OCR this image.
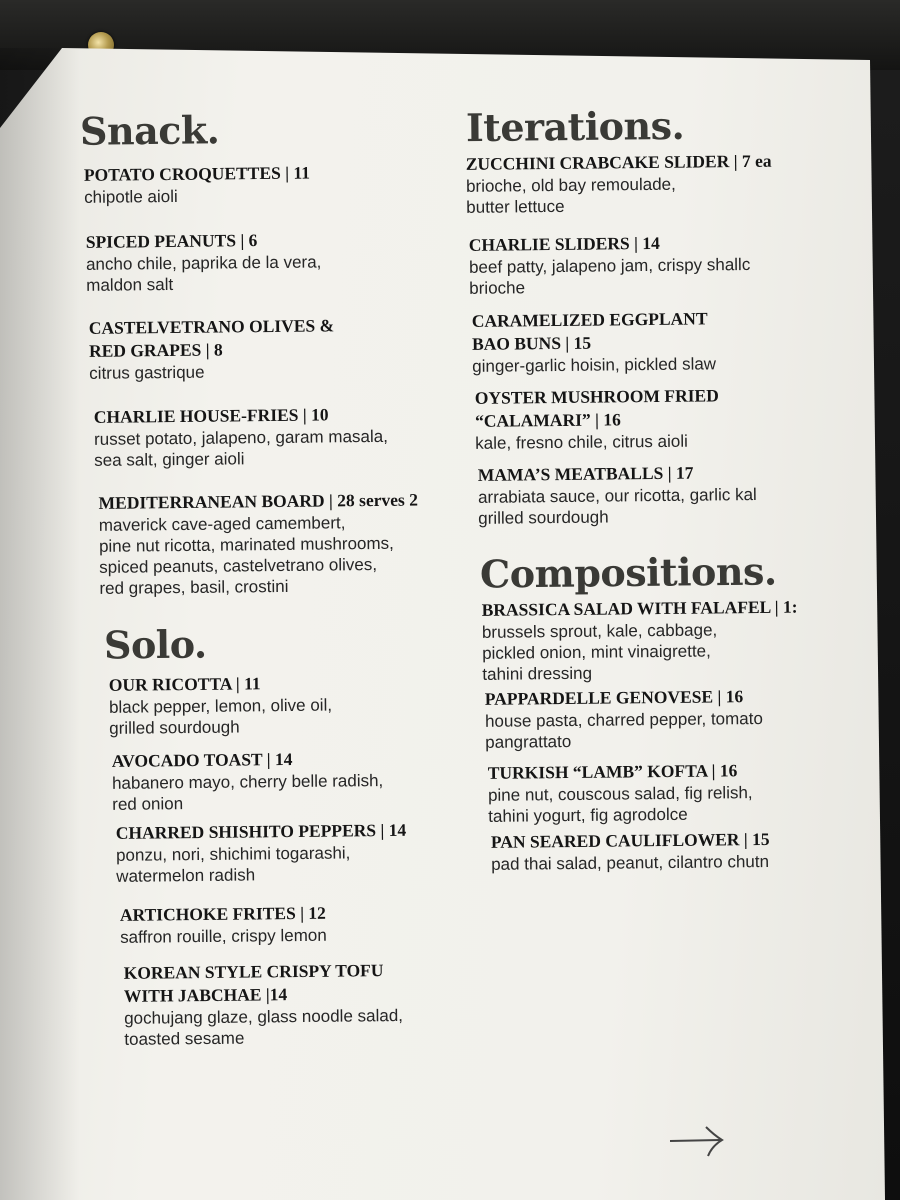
Snack.
POTATO CROQUETTES | 11
chipotle aioli
SPICED PEANUTS | 6
ancho chile, paprika de la vera,
maldon salt
CASTELVETRANO OLIVES &
RED GRAPES | 8
citrus gastrique
CHARLIE HOUSE-FRIES | 10
russet potato, jalapeno, garam masala,
sea salt, ginger aioli
MEDITERRANEAN BOARD | 28 serves 2
maverick cave-aged camembert,
pine nut ricotta, marinated mushrooms,
spiced peanuts, castelvetrano olives,
red grapes, basil, crostini
Solo.
OUR RICOTTA | 11
black pepper, lemon, olive oil,
grilled sourdough
AVOCADO TOAST | 14
habanero mayo, cherry belle radish,
red onion
CHARRED SHISHITO PEPPERS | 14
ponzu, nori, shichimi togarashi,
watermelon radish
ARTICHOKE FRITES | 12
saffron rouille, crispy lemon
KOREAN STYLE CRISPY TOFU
WITH JABCHAE |14
gochujang glaze, glass noodle salad,
toasted sesame
Iterations.
ZUCCHINI CRABCAKE SLIDER | 7 ea
brioche, old bay remoulade,
butter lettuce
CHARLIE SLIDERS | 14
beef patty, jalapeno jam, crispy shallc
brioche
CARAMELIZED EGGPLANT
BAO BUNS | 15
ginger-garlic hoisin, pickled slaw
OYSTER MUSHROOM FRIED
“CALAMARI” | 16
kale, fresno chile, citrus aioli
MAMA’S MEATBALLS | 17
arrabiata sauce, our ricotta, garlic kal
grilled sourdough
Compositions.
BRASSICA SALAD WITH FALAFEL | 1:
brussels sprout, kale, cabbage,
pickled onion, mint vinaigrette,
tahini dressing
PAPPARDELLE GENOVESE | 16
house pasta, charred pepper, tomato
pangrattato
TURKISH “LAMB” KOFTA | 16
pine nut, couscous salad, fig relish,
tahini yogurt, fig agrodolce
PAN SEARED CAULIFLOWER | 15
pad thai salad, peanut, cilantro chutn
